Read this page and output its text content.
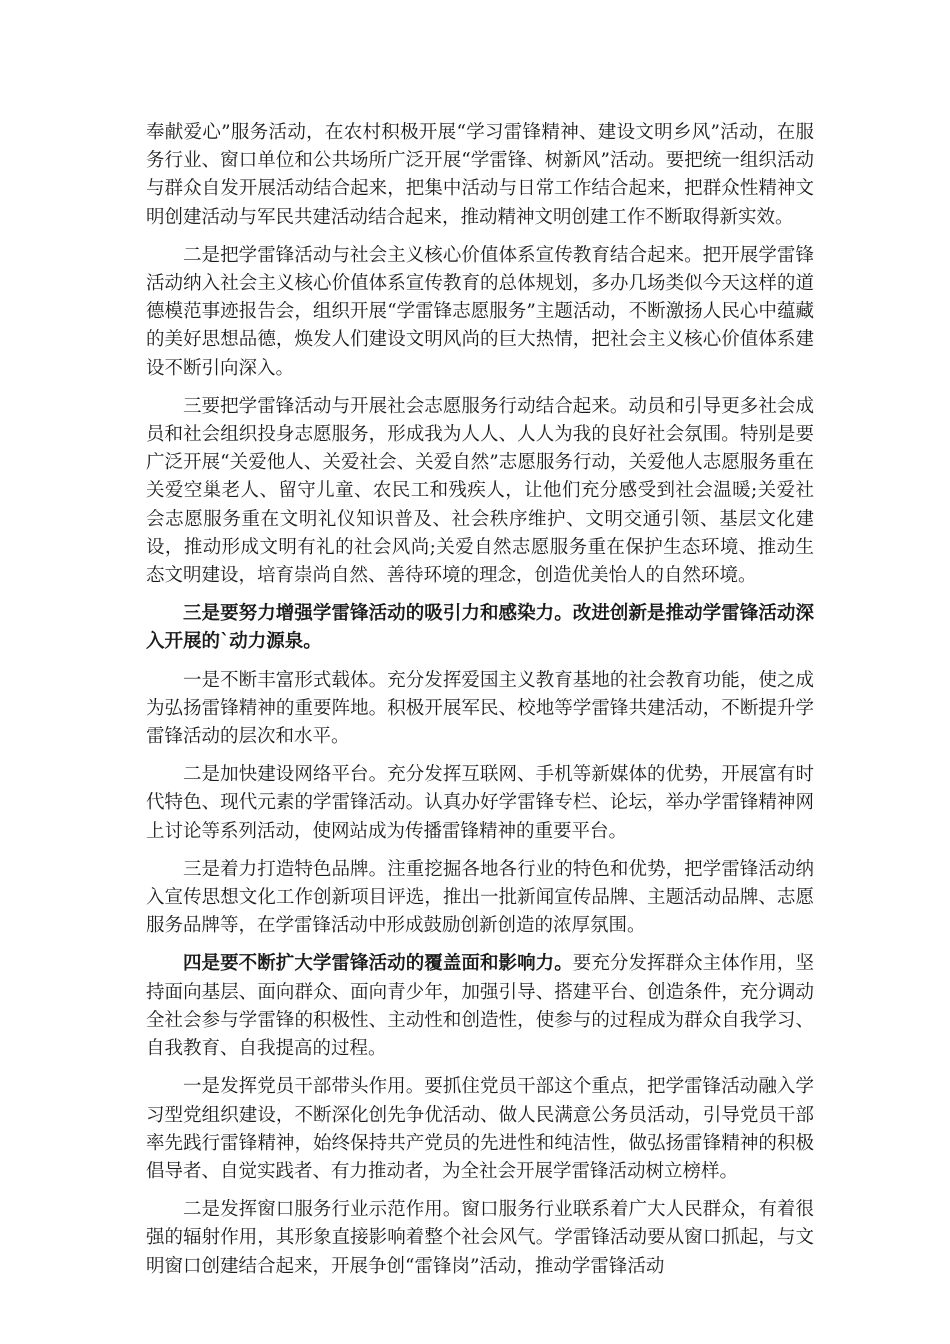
奉献爱心”服务活动，在农村积极开展“学习雷锋精神、建设文明乡风”活动，在服务行业、窗口单位和公共场所广泛开展“学雷锋、树新风”活动。要把统一组织活动与群众自发开展活动结合起来，把集中活动与日常工作结合起来，把群众性精神文明创建活动与军民共建活动结合起来，推动精神文明创建工作不断取得新实效。

二是把学雷锋活动与社会主义核心价值体系宣传教育结合起来。把开展学雷锋活动纳入社会主义核心价值体系宣传教育的总体规划，多办几场类似今天这样的道德模范事迹报告会，组织开展“学雷锋志愿服务”主题活动，不断激扬人民心中蕴藏的美好思想品德，焕发人们建设文明风尚的巨大热情，把社会主义核心价值体系建设不断引向深入。

三要把学雷锋活动与开展社会志愿服务行动结合起来。动员和引导更多社会成员和社会组织投身志愿服务，形成我为人人、人人为我的良好社会氛围。特别是要广泛开展“关爱他人、关爱社会、关爱自然”志愿服务行动，关爱他人志愿服务重在关爱空巢老人、留守儿童、农民工和残疾人，让他们充分感受到社会温暖;关爱社会志愿服务重在文明礼仪知识普及、社会秩序维护、文明交通引领、基层文化建设，推动形成文明有礼的社会风尚;关爱自然志愿服务重在保护生态环境、推动生态文明建设，培育崇尚自然、善待环境的理念，创造优美怡人的自然环境。

三是要努力增强学雷锋活动的吸引力和感染力。改进创新是推动学雷锋活动深入开展的`动力源泉。

一是不断丰富形式载体。充分发挥爱国主义教育基地的社会教育功能，使之成为弘扬雷锋精神的重要阵地。积极开展军民、校地等学雷锋共建活动，不断提升学雷锋活动的层次和水平。

二是加快建设网络平台。充分发挥互联网、手机等新媒体的优势，开展富有时代特色、现代元素的学雷锋活动。认真办好学雷锋专栏、论坛，举办学雷锋精神网上讨论等系列活动，使网站成为传播雷锋精神的重要平台。

三是着力打造特色品牌。注重挖掘各地各行业的特色和优势，把学雷锋活动纳入宣传思想文化工作创新项目评选，推出一批新闻宣传品牌、主题活动品牌、志愿服务品牌等，在学雷锋活动中形成鼓励创新创造的浓厚氛围。

四是要不断扩大学雷锋活动的覆盖面和影响力。要充分发挥群众主体作用，坚持面向基层、面向群众、面向青少年，加强引导、搭建平台、创造条件，充分调动全社会参与学雷锋的积极性、主动性和创造性，使参与的过程成为群众自我学习、自我教育、自我提高的过程。

一是发挥党员干部带头作用。要抓住党员干部这个重点，把学雷锋活动融入学习型党组织建设，不断深化创先争优活动、做人民满意公务员活动，引导党员干部率先践行雷锋精神，始终保持共产党员的先进性和纯洁性，做弘扬雷锋精神的积极倡导者、自觉实践者、有力推动者，为全社会开展学雷锋活动树立榜样。

二是发挥窗口服务行业示范作用。窗口服务行业联系着广大人民群众，有着很强的辐射作用，其形象直接影响着整个社会风气。学雷锋活动要从窗口抓起，与文明窗口创建结合起来，开展争创“雷锋岗”活动，推动学雷锋活动
